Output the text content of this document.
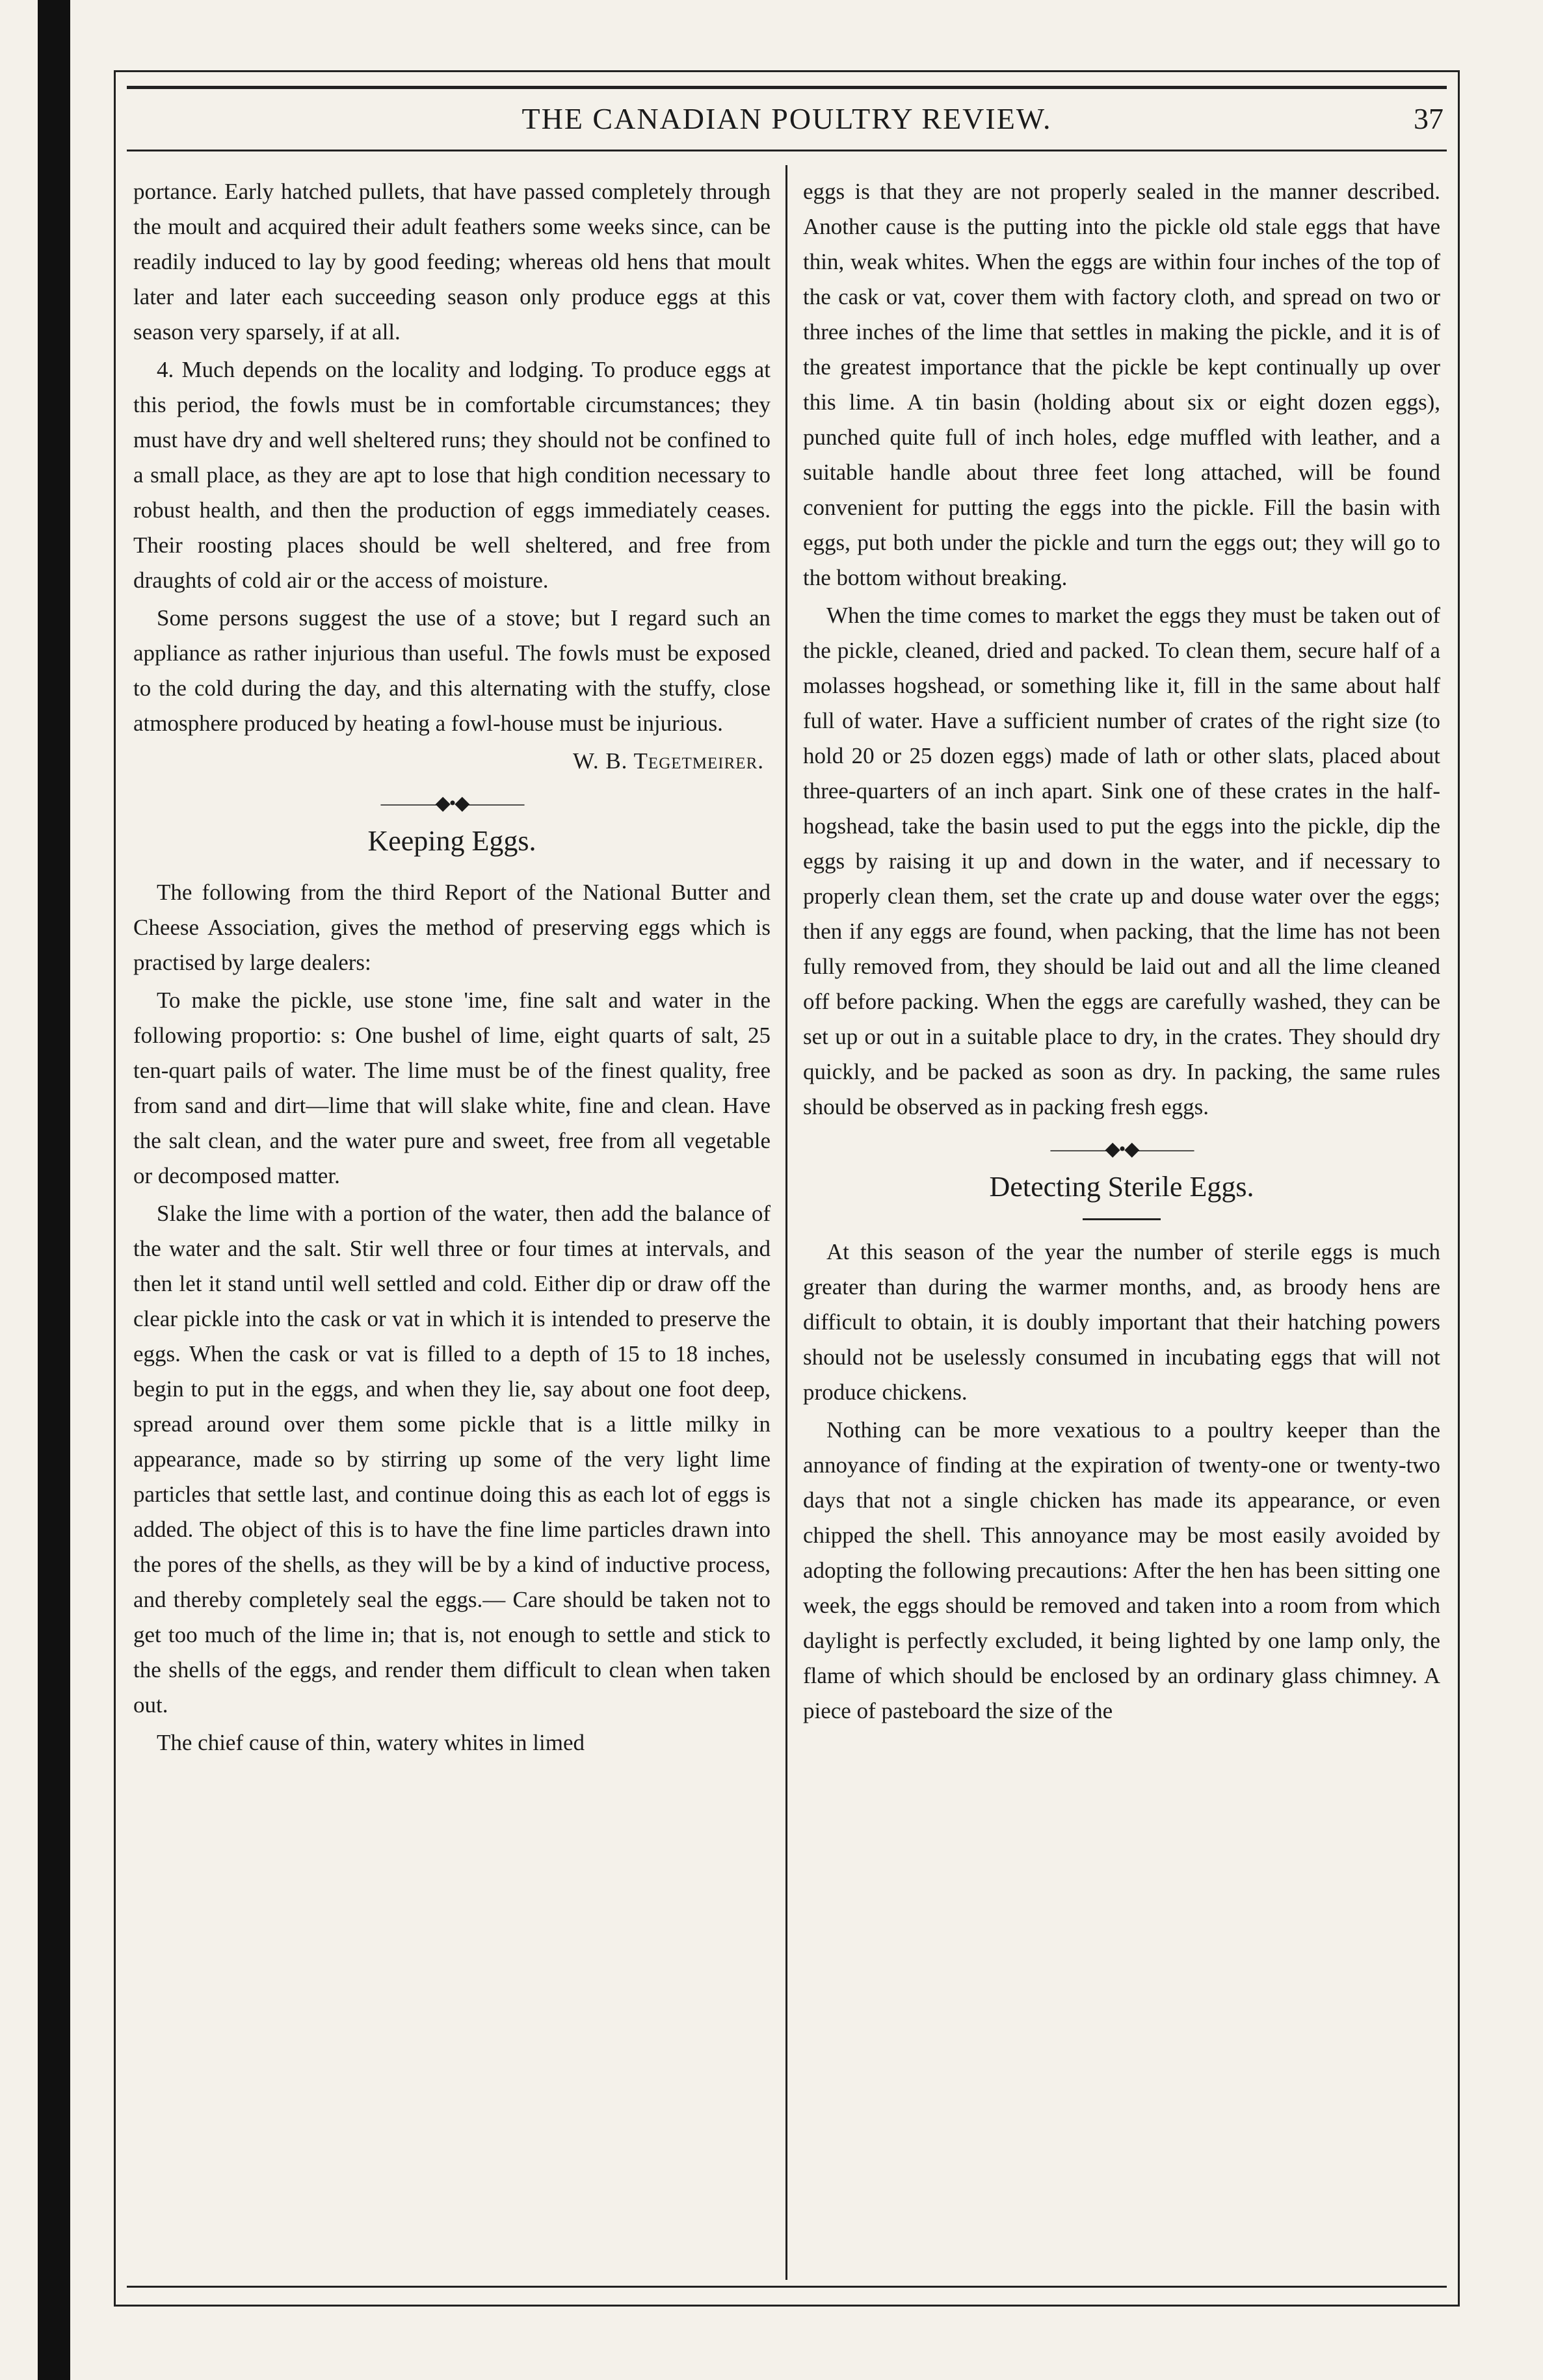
THE CANADIAN POULTRY REVIEW.	37

portance. Early hatched pullets, that have passed completely through the moult and acquired their adult feathers some weeks since, can be readily induced to lay by good feeding; whereas old hens that moult later and later each succeeding season only produce eggs at this season very sparsely, if at all.

4. Much depends on the locality and lodging. To produce eggs at this period, the fowls must be in comfortable circumstances; they must have dry and well sheltered runs; they should not be confined to a small place, as they are apt to lose that high condition necessary to robust health, and then the production of eggs immediately ceases. Their roosting places should be well sheltered, and free from draughts of cold air or the access of moisture.

Some persons suggest the use of a stove; but I regard such an appliance as rather injurious than useful. The fowls must be exposed to the cold during the day, and this alternating with the stuffy, close atmosphere produced by heating a fowl-house must be injurious.

W. B. Tegetmeirer.
———◆•◆———
Keeping Eggs.

The following from the third Report of the National Butter and Cheese Association, gives the method of preserving eggs which is practised by large dealers:

To make the pickle, use stone 'ime, fine salt and water in the following proportio: s: One bushel of lime, eight quarts of salt, 25 ten-quart pails of water. The lime must be of the finest quality, free from sand and dirt—lime that will slake white, fine and clean. Have the salt clean, and the water pure and sweet, free from all vegetable or decomposed matter.

Slake the lime with a portion of the water, then add the balance of the water and the salt. Stir well three or four times at intervals, and then let it stand until well settled and cold. Either dip or draw off the clear pickle into the cask or vat in which it is intended to preserve the eggs. When the cask or vat is filled to a depth of 15 to 18 inches, begin to put in the eggs, and when they lie, say about one foot deep, spread around over them some pickle that is a little milky in appearance, made so by stirring up some of the very light lime particles that settle last, and continue doing this as each lot of eggs is added. The object of this is to have the fine lime particles drawn into the pores of the shells, as they will be by a kind of inductive process, and thereby completely seal the eggs.— Care should be taken not to get too much of the lime in; that is, not enough to settle and stick to the shells of the eggs, and render them difficult to clean when taken out.

The chief cause of thin, watery whites in limed

eggs is that they are not properly sealed in the manner described. Another cause is the putting into the pickle old stale eggs that have thin, weak whites. When the eggs are within four inches of the top of the cask or vat, cover them with factory cloth, and spread on two or three inches of the lime that settles in making the pickle, and it is of the greatest importance that the pickle be kept continually up over this lime. A tin basin (holding about six or eight dozen eggs), punched quite full of inch holes, edge muffled with leather, and a suitable handle about three feet long attached, will be found convenient for putting the eggs into the pickle. Fill the basin with eggs, put both under the pickle and turn the eggs out; they will go to the bottom without breaking.

When the time comes to market the eggs they must be taken out of the pickle, cleaned, dried and packed. To clean them, secure half of a molasses hogshead, or something like it, fill in the same about half full of water. Have a sufficient number of crates of the right size (to hold 20 or 25 dozen eggs) made of lath or other slats, placed about three-quarters of an inch apart. Sink one of these crates in the half-hogshead, take the basin used to put the eggs into the pickle, dip the eggs by raising it up and down in the water, and if necessary to properly clean them, set the crate up and douse water over the eggs; then if any eggs are found, when packing, that the lime has not been fully removed from, they should be laid out and all the lime cleaned off before packing. When the eggs are carefully washed, they can be set up or out in a suitable place to dry, in the crates. They should dry quickly, and be packed as soon as dry. In packing, the same rules should be observed as in packing fresh eggs.

———◆•◆———
Detecting Sterile Eggs.

At this season of the year the number of sterile eggs is much greater than during the warmer months, and, as broody hens are difficult to obtain, it is doubly important that their hatching powers should not be uselessly consumed in incubating eggs that will not produce chickens.

Nothing can be more vexatious to a poultry keeper than the annoyance of finding at the expiration of twenty-one or twenty-two days that not a single chicken has made its appearance, or even chipped the shell. This annoyance may be most easily avoided by adopting the following precautions: After the hen has been sitting one week, the eggs should be removed and taken into a room from which daylight is perfectly excluded, it being lighted by one lamp only, the flame of which should be enclosed by an ordinary glass chimney. A piece of pasteboard the size of the
